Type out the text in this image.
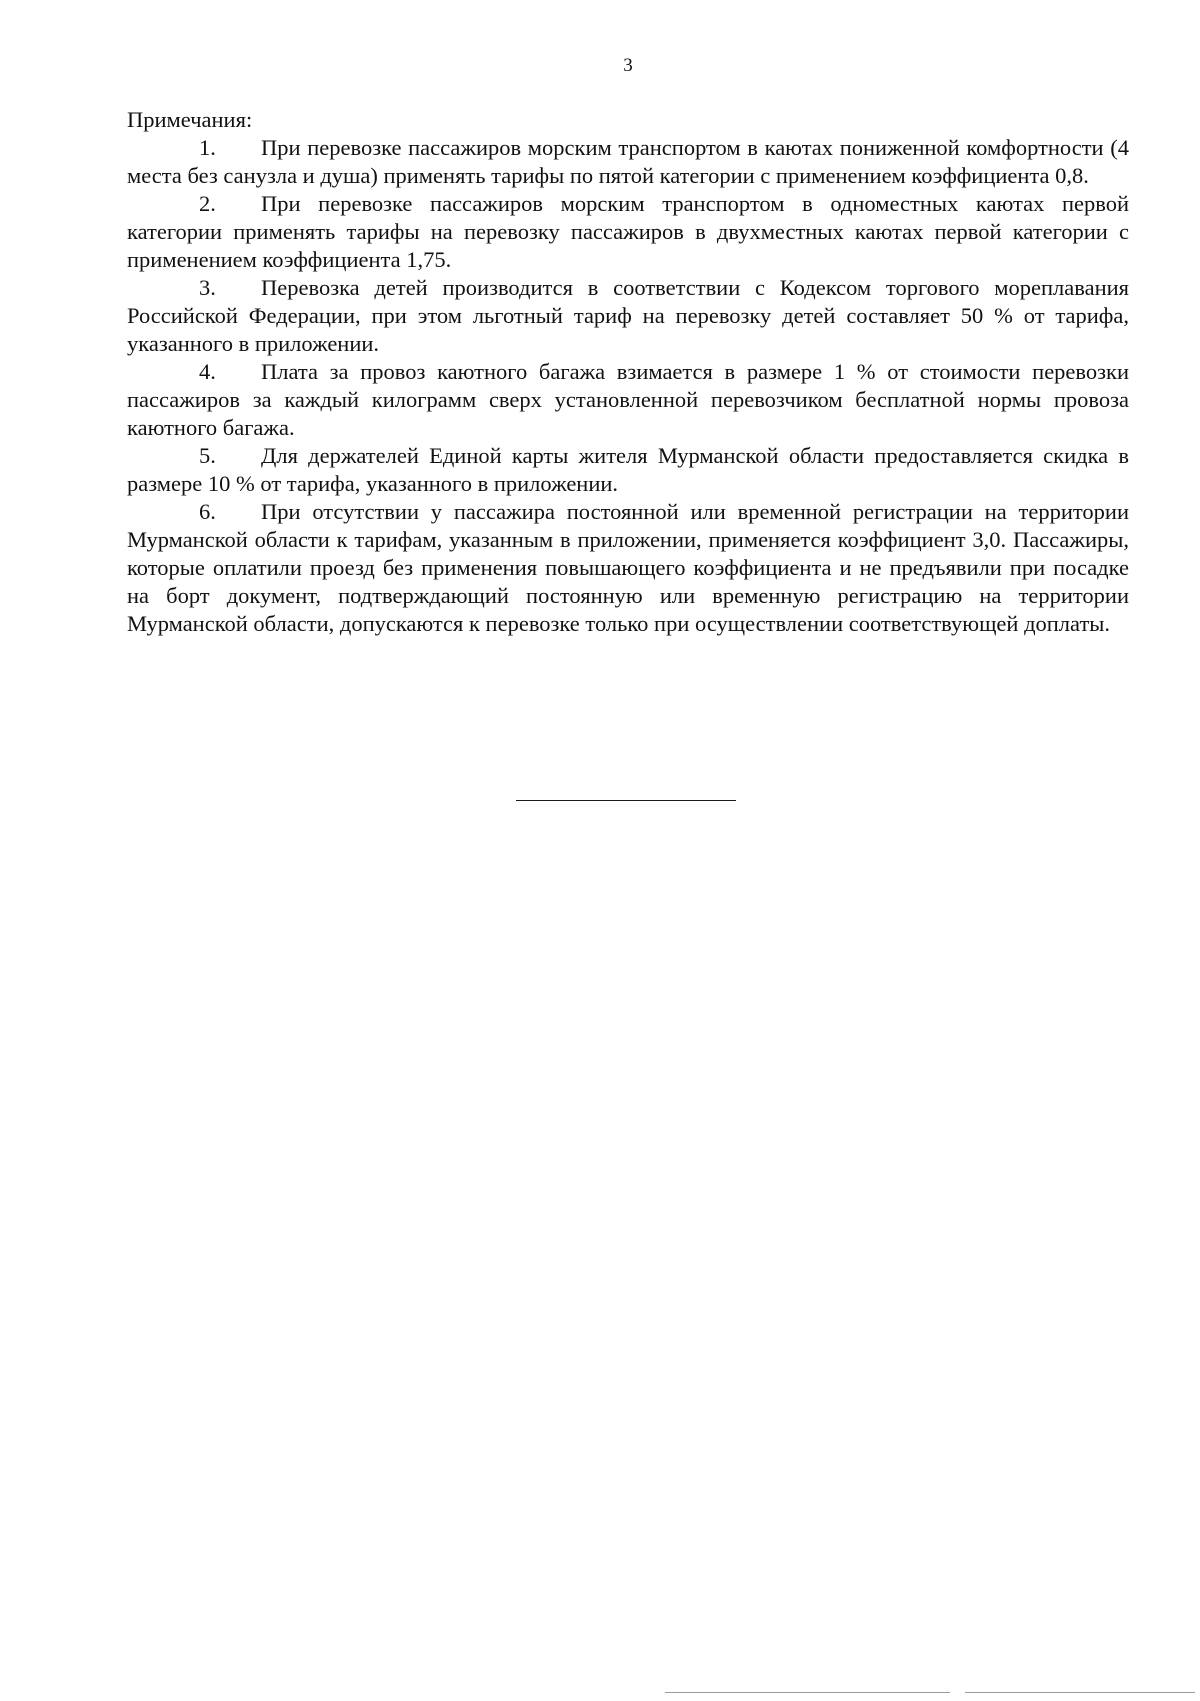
3

Примечания:

1. При перевозке пассажиров морским транспортом в каютах пониженной комфортности (4 места без санузла и душа) применять тарифы по пятой категории с применением коэффициента 0,8.

2. При перевозке пассажиров морским транспортом в одноместных каютах первой категории применять тарифы на перевозку пассажиров в двухместных каютах первой категории с применением коэффициента 1,75.

3. Перевозка детей производится в соответствии с Кодексом торгового мореплавания Российской Федерации, при этом льготный тариф на перевозку детей составляет 50 % от тарифа, указанного в приложении.

4. Плата за провоз каютного багажа взимается в размере 1 % от стоимости перевозки пассажиров за каждый килограмм сверх установленной перевозчиком бесплатной нормы провоза каютного багажа.

5. Для держателей Единой карты жителя Мурманской области предоставляется скидка в размере 10 % от тарифа, указанного в приложении.

6. При отсутствии у пассажира постоянной или временной регистрации на территории Мурманской области к тарифам, указанным в приложении, применяется коэффициент 3,0. Пассажиры, которые оплатили проезд без применения повышающего коэффициента и не предъявили при посадке на борт документ, подтверждающий постоянную или временную регистрацию на территории Мурманской области, допускаются к перевозке только при осуществлении соответствующей доплаты.
